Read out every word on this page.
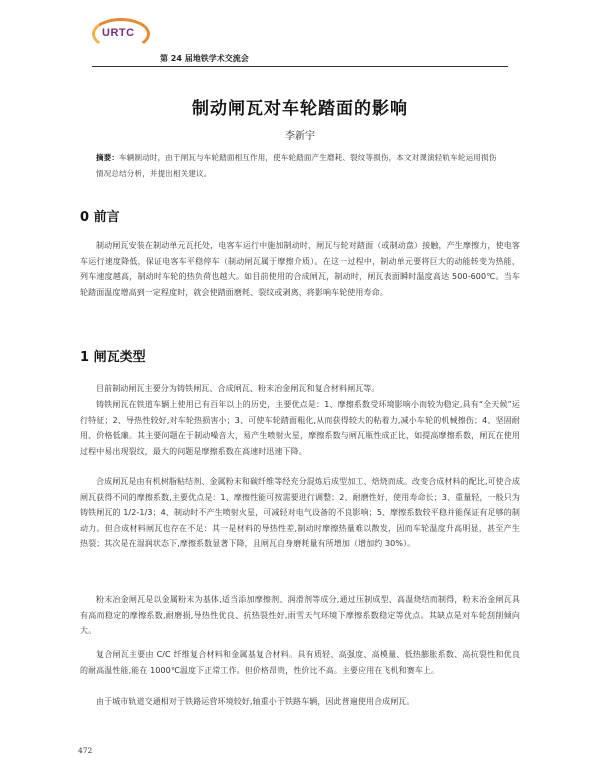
URTC
第 24 届地铁学术交流会
制动闸瓦对车轮踏面的影响
李新宇
摘要：车辆制动时，由于闸瓦与车轮踏面相互作用，使车轮踏面产生磨耗、裂纹等损伤，本文对课演轻轨车轮运用损伤情况总结分析，并提出相关建议。
0 前言

制动闸瓦安装在制动单元瓦托处，电客车运行中施加制动时，闸瓦与轮对踏面（或制动盘）接触，产生摩擦力，使电客车运行速度降低，保证电客车平稳停车（制动闸瓦属于摩擦介质）。在这一过程中，制动单元要将巨大的动能转变为热能，列车速度越高，制动时车轮的热负荷也越大。如目前使用的合成闸瓦，制动时，闸瓦表面瞬时温度高达 500-600℃。当车轮踏面温度增高到一定程度时，就会使踏面磨耗、裂纹或剥离，将影响车轮使用寿命。

1 闸瓦类型

目前制动闸瓦主要分为铸铁闸瓦、合成闸瓦、粉末冶金闸瓦和复合材料闸瓦等。

铸铁闸瓦在铁道车辆上使用已有百年以上的历史，主要优点是：1、摩擦系数受环境影响小而较为稳定,具有“全天候”运行特征；2、导热性较好,对车轮热损害小；3、可使车轮踏面粗化,从而获得较大的粘着力,减小车轮的机械擦伤；4、坚固耐用、价格低廉。其主要问题在于制动噪音大，易产生喷射火星，摩擦系数与闸瓦瓶性成正比，如提高摩擦系数，闸瓦在使用过程中易出现裂纹，最大的问题是摩擦系数在高速时迅速下降。

合成闸瓦是由有机树脂粘结剂、金属粉末和碳纤维等经充分混炼后成型加工、焙烧而成。改变合成材料的配比,可使合成闸瓦获得不同的摩擦系数,主要优点是：1、摩擦性能可按需要进行调整；2、耐磨性好，使用寿命长；3、重量轻，一般只为铸铁闸瓦的 1/2-1/3；4、制动时不产生喷射火星，可减轻对电气设备的不良影响；5、摩擦系数较平稳并能保证有足够的制动力。但合成材料闸瓦也存在不足：其一是材料的导热性差,制动时摩擦热量难以散发，因而车轮温度升高明显，甚至产生热裂；其次是在湿润状态下,摩擦系数显著下降，且闸瓦自身磨耗量有所增加（增加约 30%）。

粉末冶金闸瓦是以金属粉末为基体,适当添加摩擦剂、润滑剂等成分,通过压制成型、高温烧结而制得，粉末冶金闸瓦具有高而稳定的摩擦系数,耐磨损,导热性优良、抗热裂性好,雨雪天气环境下摩擦系数稳定等优点。其缺点是对车轮刮削倾向大。

复合闸瓦主要由 C/C 纤维复合材料和金属基复合材料。具有质轻、高强度、高模量、低热膨胀系数、高抗裂性和优良的耐高温性能,能在 1000℃温度下正常工作。但价格昂贵，性价比不高。主要应用在飞机和赛车上。

由于城市轨道交通相对于铁路运营环境较好,轴重小于铁路车辆，因此普遍使用合成闸瓦。

472
